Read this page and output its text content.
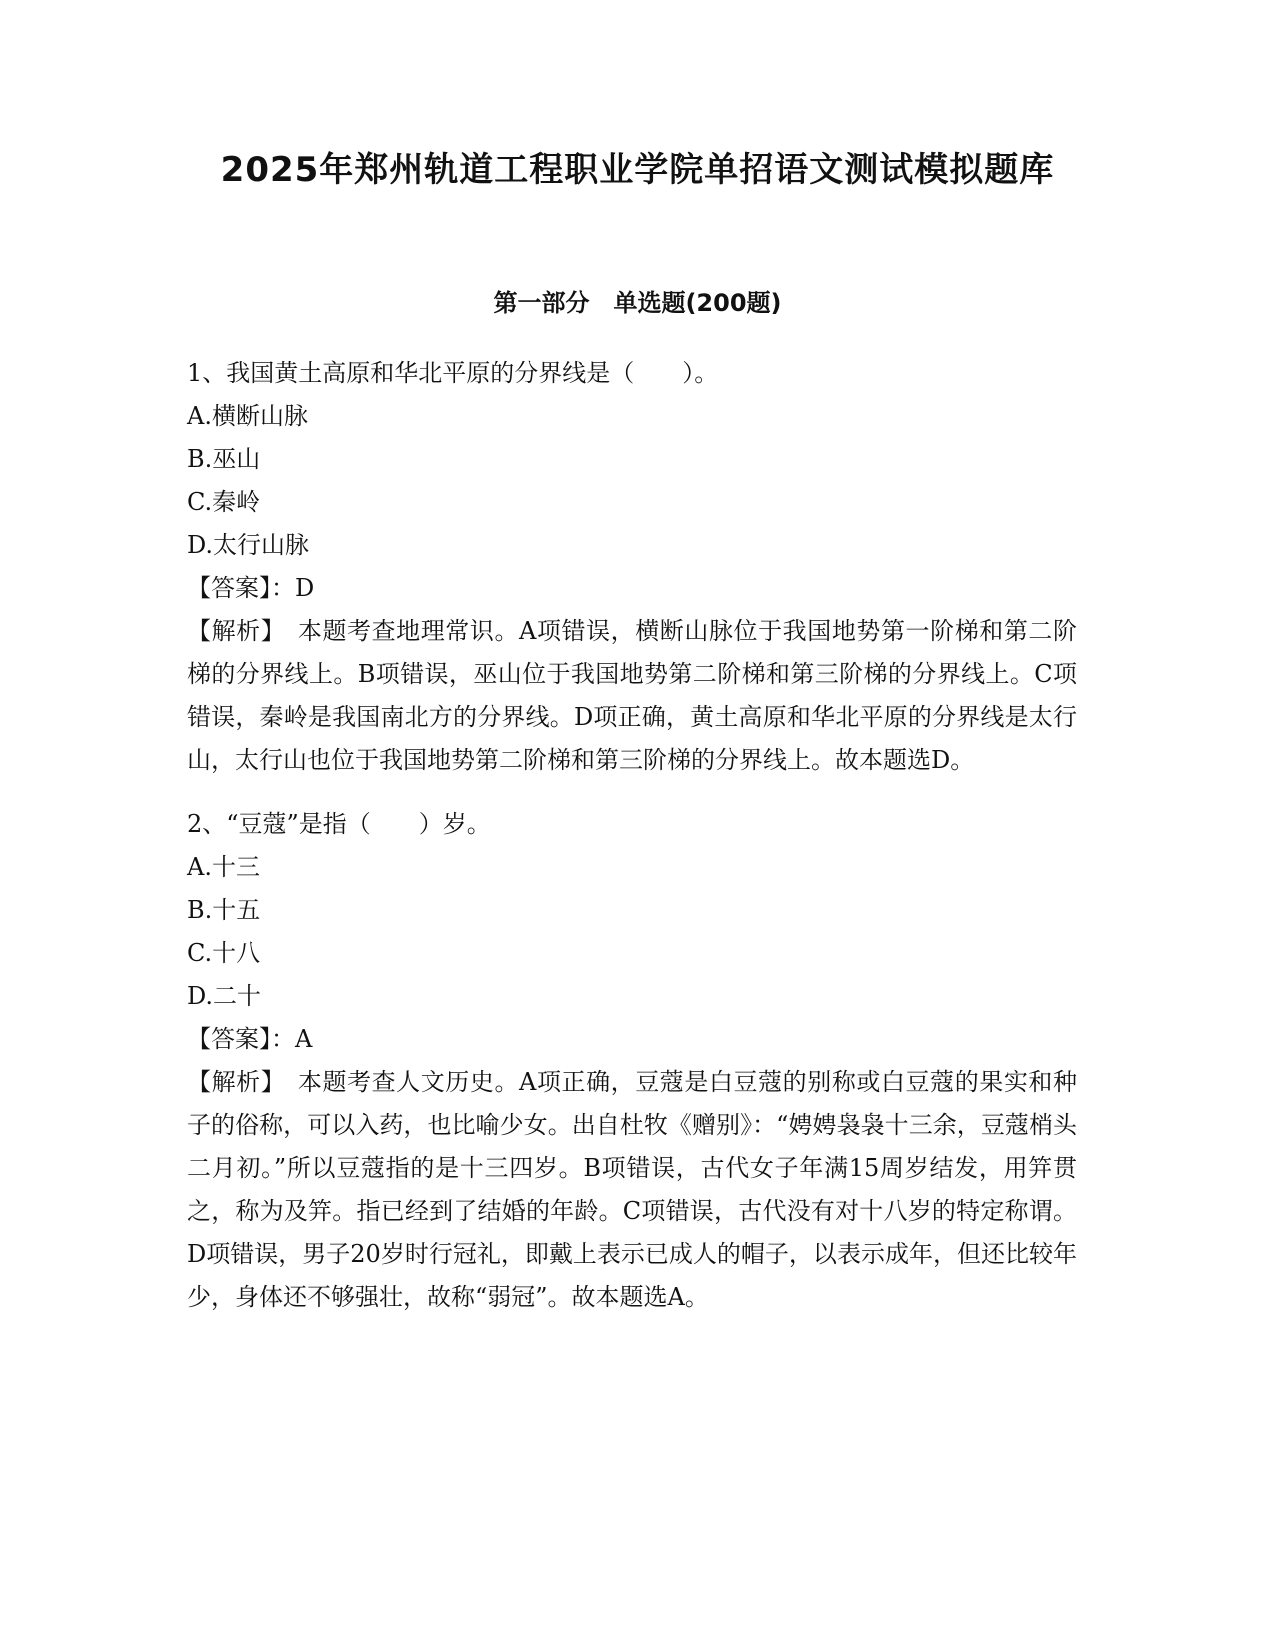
2025年郑州轨道工程职业学院单招语文测试模拟题库
第一部分　单选题(200题)
1、我国黄土高原和华北平原的分界线是（　　）。
A.横断山脉
B.巫山
C.秦岭
D.太行山脉
【答案】：D
【解析】　本题考查地理常识。A项错误，横断山脉位于我国地势第一阶梯和第二阶梯的分界线上。B项错误，巫山位于我国地势第二阶梯和第三阶梯的分界线上。C项错误，秦岭是我国南北方的分界线。D项正确，黄土高原和华北平原的分界线是太行山，太行山也位于我国地势第二阶梯和第三阶梯的分界线上。故本题选D。
2、“豆蔻”是指（　　）岁。
A.十三
B.十五
C.十八
D.二十
【答案】：A
【解析】　本题考查人文历史。A项正确，豆蔻是白豆蔻的别称或白豆蔻的果实和种子的俗称，可以入药，也比喻少女。出自杜牧《赠别》：“娉娉袅袅十三余，豆蔻梢头二月初。”所以豆蔻指的是十三四岁。B项错误，古代女子年满15周岁结发，用笄贯之，称为及笄。指已经到了结婚的年龄。C项错误，古代没有对十八岁的特定称谓。D项错误，男子20岁时行冠礼，即戴上表示已成人的帽子，以表示成年，但还比较年少，身体还不够强壮，故称“弱冠”。故本题选A。
